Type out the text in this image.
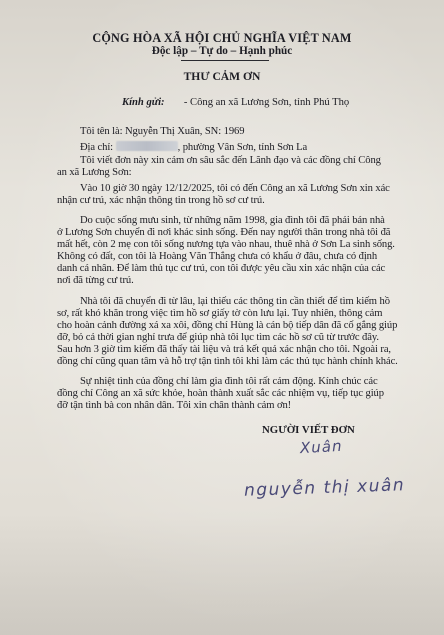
CỘNG HÒA XÃ HỘI CHỦ NGHĨA VIỆT NAM
Độc lập – Tự do – Hạnh phúc
THƯ CẢM ƠN
Kính gửi: - Công an xã Lương Sơn, tỉnh Phú Thọ
Tôi tên là: Nguyễn Thị Xuân, SN: 1969
Địa chỉ:	, phường Vân Sơn, tỉnh Sơn La
Tôi viết đơn này xin cảm ơn sâu sắc đến Lãnh đạo và các đồng chí Công
an xã Lương Sơn:
Vào 10 giờ 30 ngày 12/12/2025, tôi có đến Công an xã Lương Sơn xin xác
nhận cư trú, xác nhận thông tin trong hồ sơ cư trú.
Do cuộc sống mưu sinh, từ những năm 1998, gia đình tôi đã phải bán nhà
ở Lương Sơn chuyển đi nơi khác sinh sống. Đến nay người thân trong nhà tôi đã
mất hết, còn 2 mẹ con tôi sống nương tựa vào nhau, thuê nhà ở Sơn La sinh sống.
Không có đất, con tôi là Hoàng Văn Thắng chưa có khẩu ở đâu, chưa có định
danh cá nhân. Để làm thủ tục cư trú, con tôi được yêu cầu xin xác nhận của các
nơi đã từng cư trú.
Nhà tôi đã chuyển đi từ lâu, lại thiếu các thông tin cần thiết để tìm kiếm hồ
sơ, rất khó khăn trong việc tìm hồ sơ giấy tờ còn lưu lại. Tuy nhiên, thông cảm
cho hoàn cảnh đường xá xa xôi, đồng chí Hùng là cán bộ tiếp dân đã cố gắng giúp
đỡ, bỏ cả thời gian nghỉ trưa để giúp nhà tôi lục tìm các hồ sơ cũ từ trước đây.
Sau hơn 3 giờ tìm kiếm đã thấy tài liệu và trả kết quả xác nhận cho tôi. Ngoài ra,
đồng chí cũng quan tâm và hỗ trợ tận tình tôi khi làm các thủ tục hành chính khác.
Sự nhiệt tình của đồng chí làm gia đình tôi rất cảm động. Kính chúc các
đồng chí Công an xã sức khỏe, hoàn thành xuất sắc các nhiệm vụ, tiếp tục giúp
đỡ tận tình bà con nhân dân. Tôi xin chân thành cảm ơn!
NGƯỜI VIẾT ĐƠN
Xuân
nguyễn thị xuân
